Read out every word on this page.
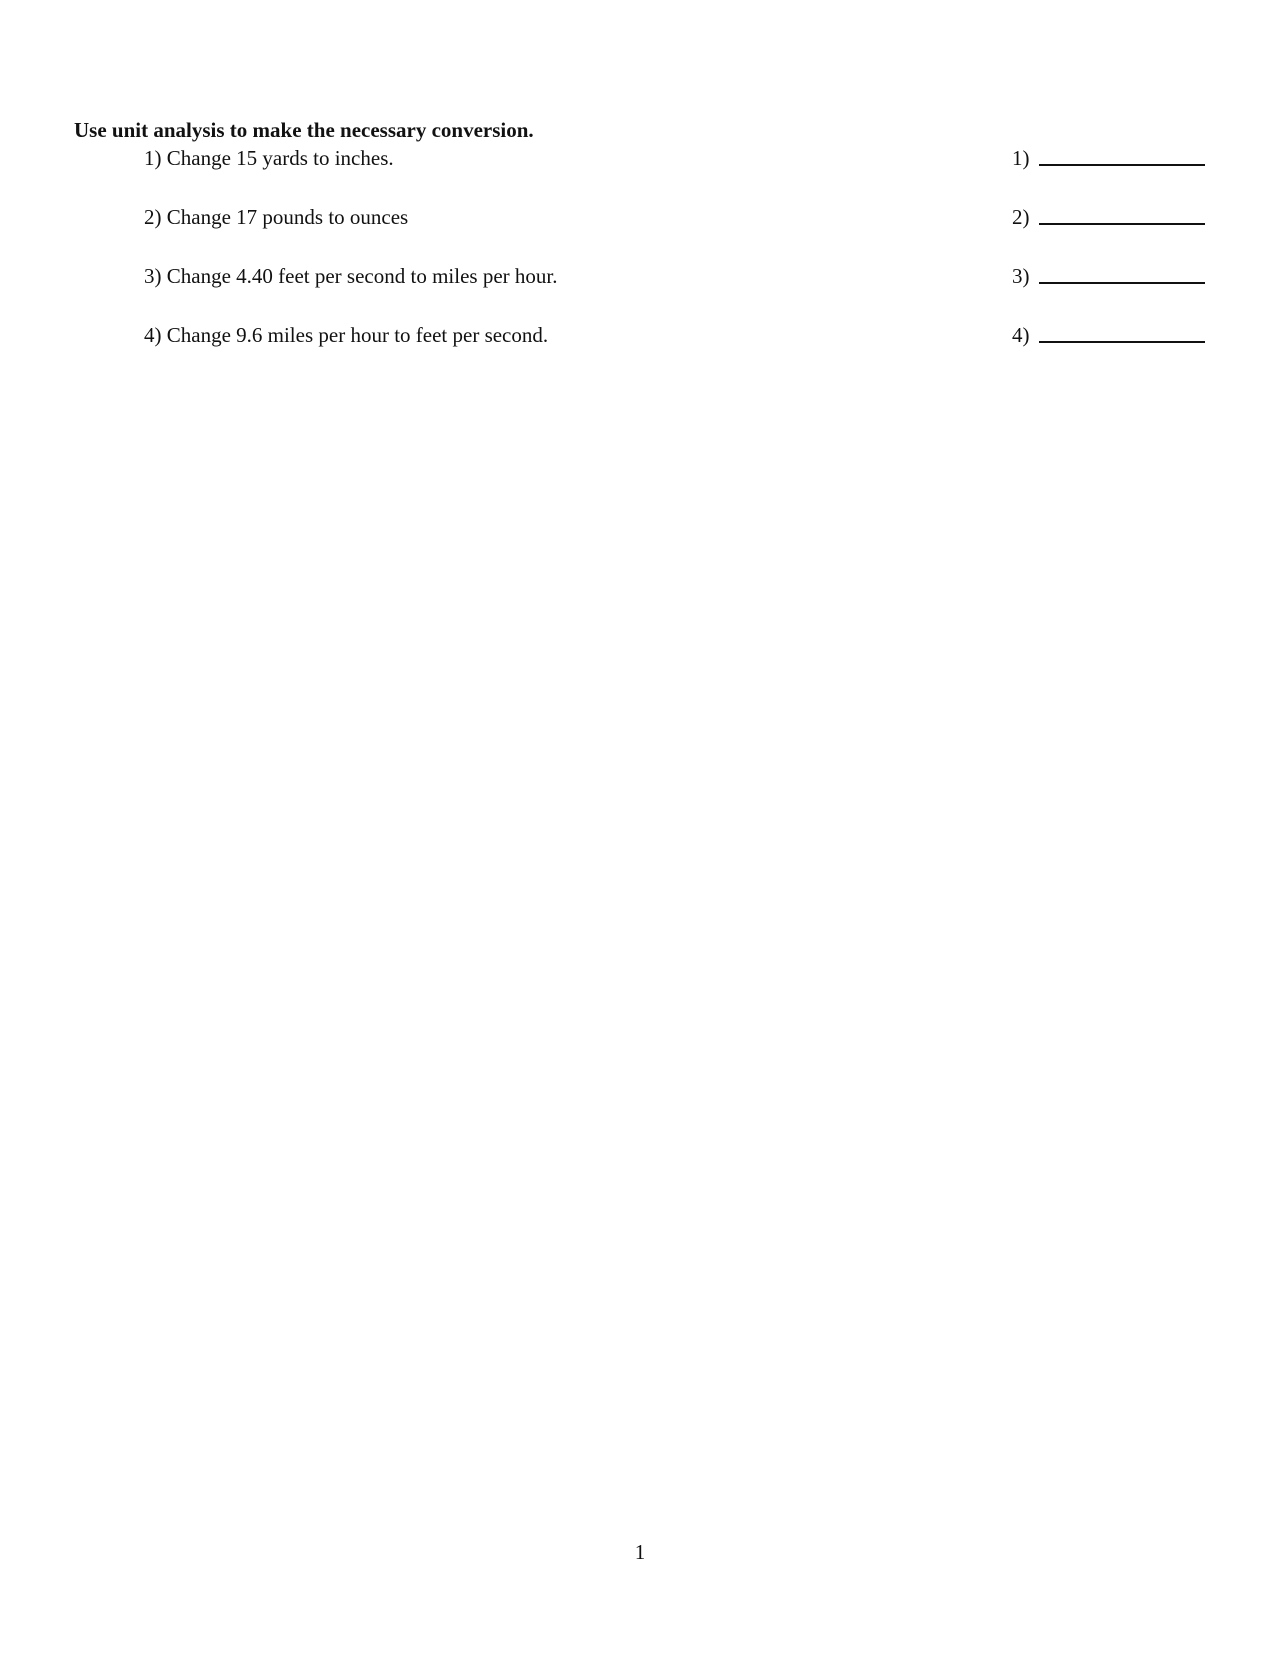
Use unit analysis to make the necessary conversion.
1) Change 15 yards to inches.	1)
2) Change 17 pounds to ounces	2)
3) Change 4.40 feet per second to miles per hour.	3)
4) Change 9.6 miles per hour to feet per second.	4)
1
